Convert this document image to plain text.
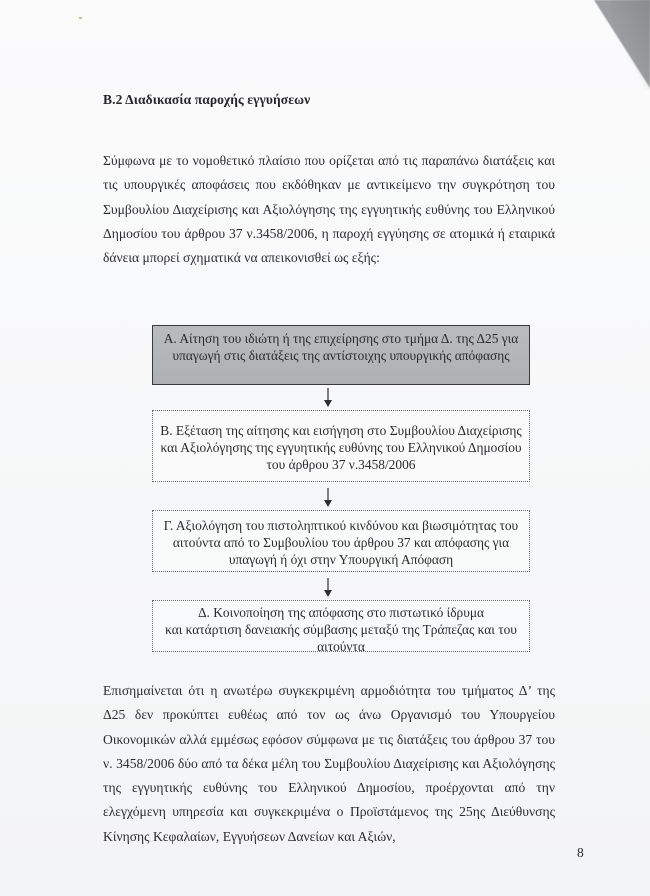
Β.2 Διαδικασία παροχής εγγυήσεων
Σύμφωνα με το νομοθετικό πλαίσιο που ορίζεται από τις παραπάνω διατάξεις και τις υπουργικές αποφάσεις που εκδόθηκαν με αντικείμενο την συγκρότηση του Συμβουλίου Διαχείρισης και Αξιολόγησης της εγγυητικής ευθύνης του Ελληνικού Δημοσίου του άρθρου 37 ν.3458/2006, η παροχή εγγύησης σε ατομικά ή εταιρικά δάνεια μπορεί σχηματικά να απεικονισθεί ως εξής:
Α. Αίτηση του ιδιώτη ή της επιχείρησης στο τμήμα Δ. της Δ25 για
υπαγωγή στις διατάξεις της αντίστοιχης υπουργικής απόφασης
Β. Εξέταση της αίτησης και εισήγηση στο Συμβουλίου Διαχείρισης
και Αξιολόγησης της εγγυητικής ευθύνης του Ελληνικού Δημοσίου
του άρθρου 37 ν.3458/2006
Γ. Αξιολόγηση του πιστοληπτικού κινδύνου και βιωσιμότητας του
αιτούντα από το Συμβουλίου του άρθρου 37 και απόφασης για
υπαγωγή ή όχι στην Υπουργική Απόφαση
Δ. Κοινοποίηση της απόφασης στο πιστωτικό ίδρυμα
και κατάρτιση δανειακής σύμβασης μεταξύ της Τράπεζας και του
αιτούντα
Επισημαίνεται ότι η ανωτέρω συγκεκριμένη αρμοδιότητα του τμήματος Δ’ της Δ25 δεν προκύπτει ευθέως από τον ως άνω Οργανισμό του Υπουργείου Οικονομικών αλλά εμμέσως εφόσον σύμφωνα με τις διατάξεις του άρθρου 37 του ν. 3458/2006 δύο από τα δέκα μέλη του Συμβουλίου Διαχείρισης και Αξιολόγησης της εγγυητικής ευθύνης του Ελληνικού Δημοσίου, προέρχονται από την ελεγχόμενη υπηρεσία και συγκεκριμένα ο Προϊστάμενος της 25ης Διεύθυνσης Κίνησης Κεφαλαίων, Εγγυήσεων Δανείων και Αξιών,
8
